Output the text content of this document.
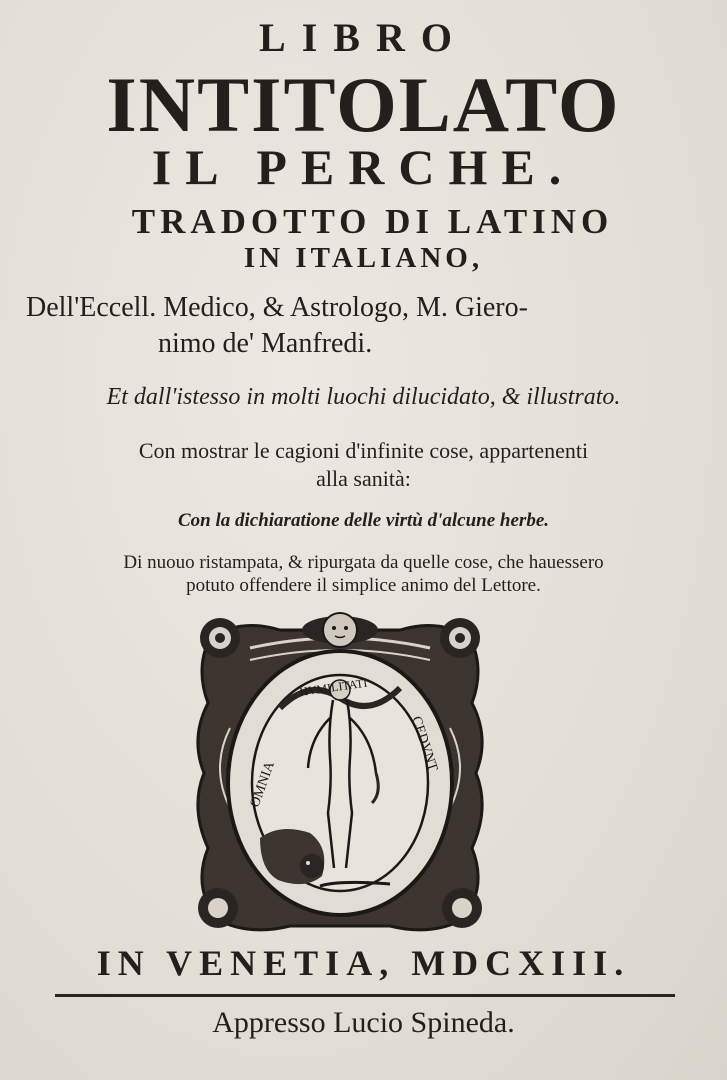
LIBRO
INTITOLATO
IL PERCHE.
TRADOTTO DI LATINO
IN ITALIANO,
Dell'Eccell. Medico, & Astrologo, M. Giero-
nimo de' Manfredi.
Et dall'istesso in molti luochi dilucidato, & illustrato.
Con mostrar le cagioni d'infinite cose, appartenenti
alla sanità:
Con la dichiaratione delle virtù d'alcune herbe.
Di nuouo ristampata, & ripurgata da quelle cose, che hauessero
potuto offendere il simplice animo del Lettore.
OMNIA
HVMILITATI
CEDVNT
IN VENETIA, MDCXIII.
Appresso Lucio Spineda.
